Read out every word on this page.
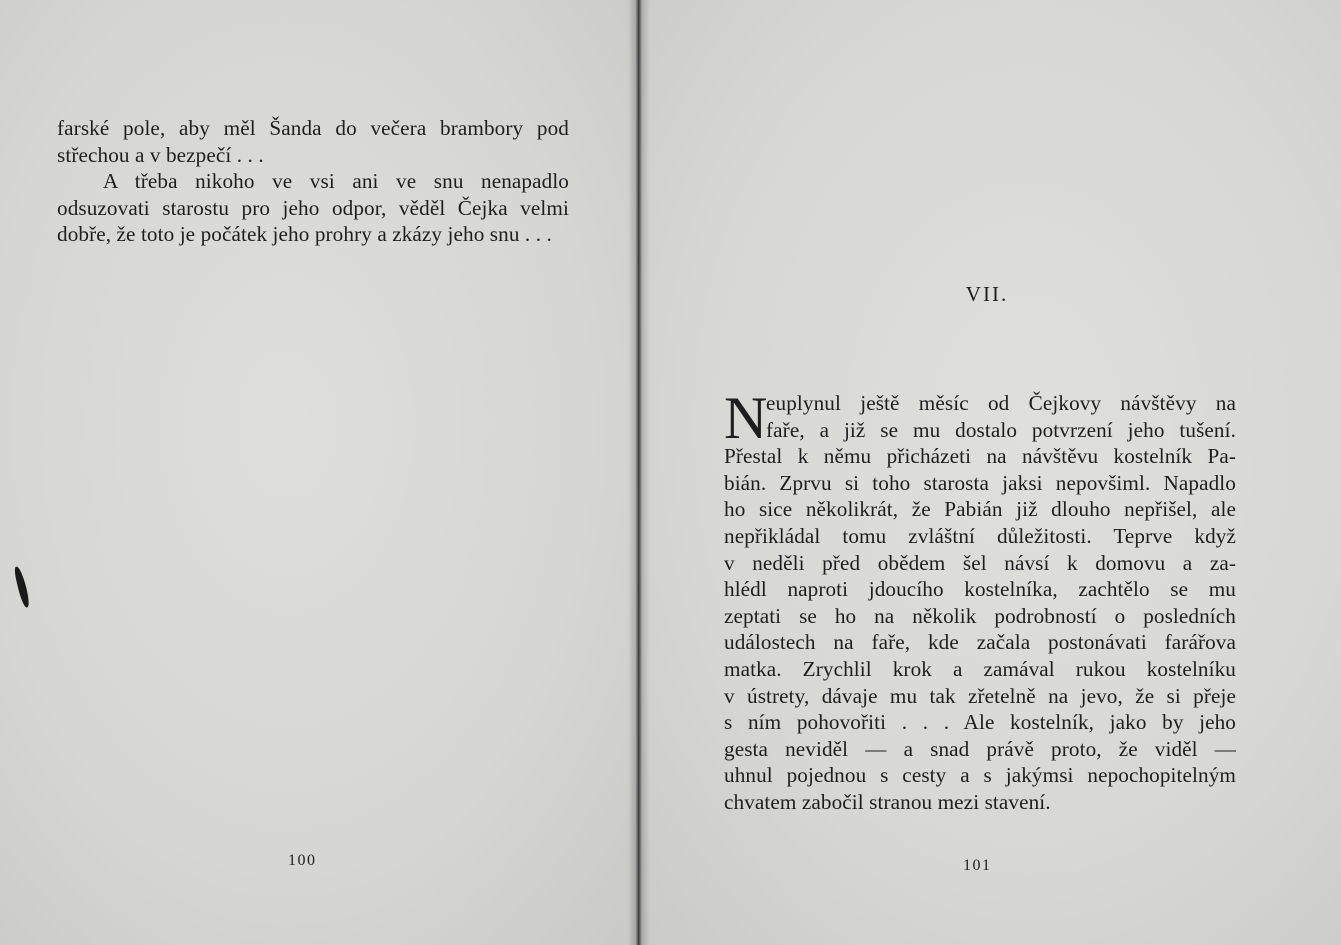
farské pole, aby měl Šanda do večera brambory pod střechou a v bezpečí . . .

A třeba nikoho ve vsi ani ve snu nenapadlo odsuzovati starostu pro jeho odpor, věděl Čejka velmi dobře, že toto je počátek jeho prohry a zkázy jeho snu . . .

100
VII.
N
euplynul ještě měsíc od Čejkovy návštěvy na
faře, a již se mu dostalo potvrzení jeho tušení.
Přestal k němu přicházeti na návštěvu kostelník Pa-
bián. Zprvu si toho starosta jaksi nepovšiml. Napadlo
ho sice několikrát, že Pabián již dlouho nepřišel, ale
nepřikládal tomu zvláštní důležitosti. Teprve když
v neděli před obědem šel návsí k domovu a za-
hlédl naproti jdoucího kostelníka, zachtělo se mu
zeptati se ho na několik podrobností o posledních
událostech na faře, kde začala postonávati farářova
matka. Zrychlil krok a zamával rukou kostelníku
v ústrety, dávaje mu tak zřetelně na jevo, že si přeje
s ním pohovořiti . . . Ale kostelník, jako by jeho
gesta neviděl — a snad právě proto, že viděl —
uhnul pojednou s cesty a s jakýmsi nepochopitelným
chvatem zabočil stranou mezi stavení.
101
